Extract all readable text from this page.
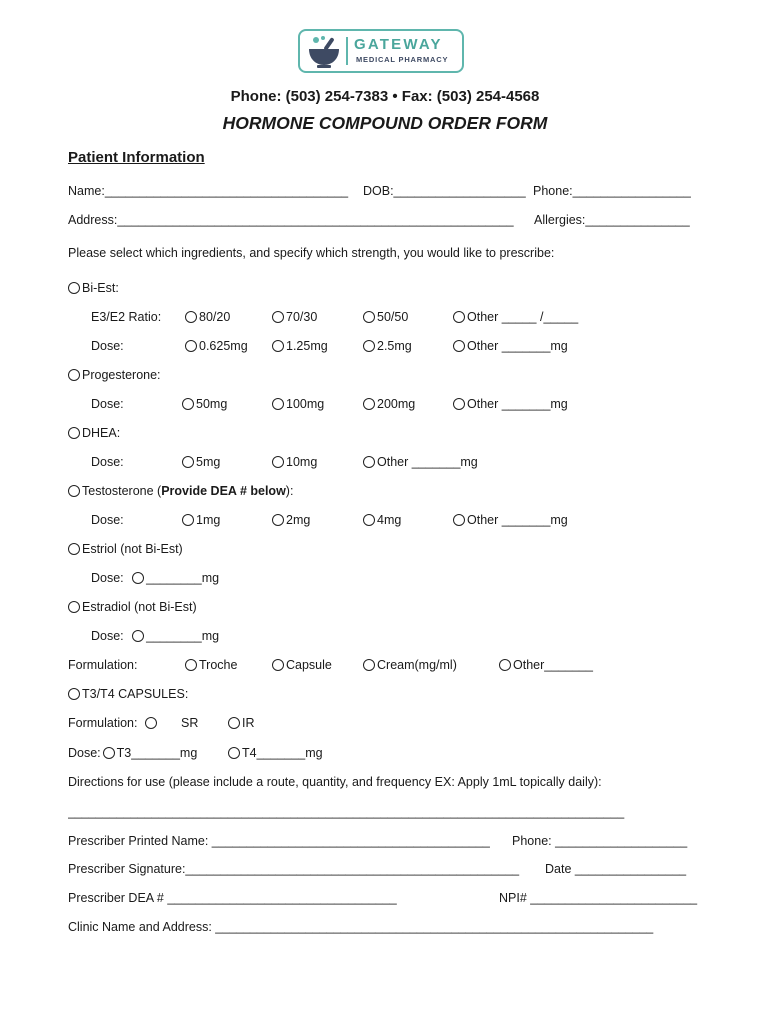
GATEWAY
MEDICAL PHARMACY
Phone: (503) 254-7383 • Fax: (503) 254-4568
HORMONE COMPOUND ORDER FORM
Patient Information
Name:___________________________________ DOB:___________________ Phone:_________________
Address:_________________________________________________________ Allergies:_______________
Please select which ingredients, and specify which strength, you would like to prescribe:
Bi-Est:
E3/E2 Ratio:	80/20	70/30	50/50	Other _____ /_____
Dose:	0.625mg	1.25mg	2.5mg	Other _______mg
Progesterone:
Dose:	50mg	100mg	200mg	Other _______mg
DHEA:
Dose:	5mg	10mg	Other _______mg
Testosterone (Provide DEA # below):
Dose:	1mg	2mg	4mg	Other _______mg
Estriol (not Bi-Est)
Dose: ________mg
Estradiol (not Bi-Est)
Dose: ________mg
Formulation:	Troche	Capsule	Cream(mg/ml)	Other_______
T3/T4 CAPSULES:
Formulation:	SR	IR
Dose: T3_______mg	T4_______mg
Directions for use (please include a route, quantity, and frequency EX: Apply 1mL topically daily):
________________________________________________________________________________
Prescriber Printed Name: ________________________________________ Phone: ___________________
Prescriber Signature:________________________________________________ Date ________________
Prescriber DEA # _________________________________	NPI# ________________________
Clinic Name and Address: _______________________________________________________________
